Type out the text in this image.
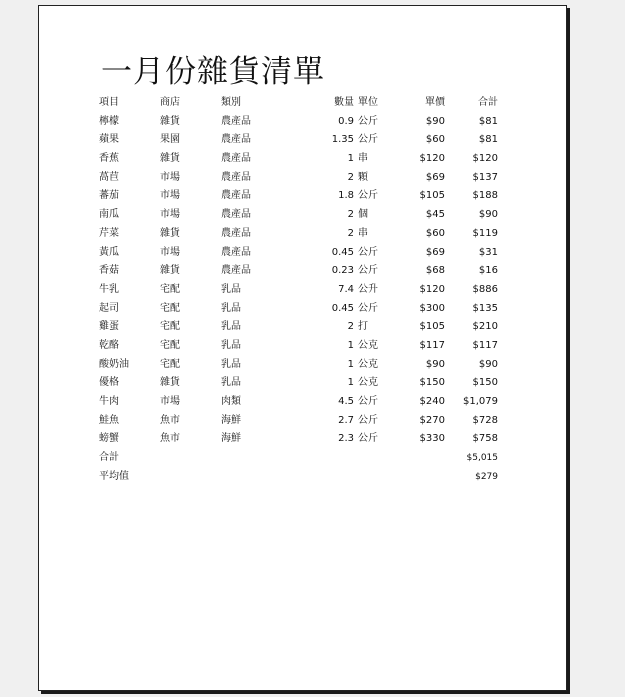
一月份雜貨清單
項目	商店	類別	數量 單位	單價	合計
檸檬	雜貨	農產品	0.9 公斤	$90	$81
蘋果	果園	農產品	1.35 公斤	$60	$81
香蕉	雜貨	農產品	1 串	$120	$120
萵苣	市場	農產品	2 顆	$69	$137
蕃茄	市場	農產品	1.8 公斤	$105	$188
南瓜	市場	農產品	2 個	$45	$90
芹菜	雜貨	農產品	2 串	$60	$119
黃瓜	市場	農產品	0.45 公斤	$69	$31
香菇	雜貨	農產品	0.23 公斤	$68	$16
牛乳	宅配	乳品	7.4 公升	$120	$886
起司	宅配	乳品	0.45 公斤	$300	$135
雞蛋	宅配	乳品	2 打	$105	$210
乾酪	宅配	乳品	1 公克	$117	$117
酸奶油	宅配	乳品	1 公克	$90	$90
優格	雜貨	乳品	1 公克	$150	$150
牛肉	市場	肉類	4.5 公斤	$240	$1,079
鮭魚	魚市	海鮮	2.7 公斤	$270	$728
螃蟹	魚市	海鮮	2.3 公斤	$330	$758
合計	$5,015
平均值	$279
